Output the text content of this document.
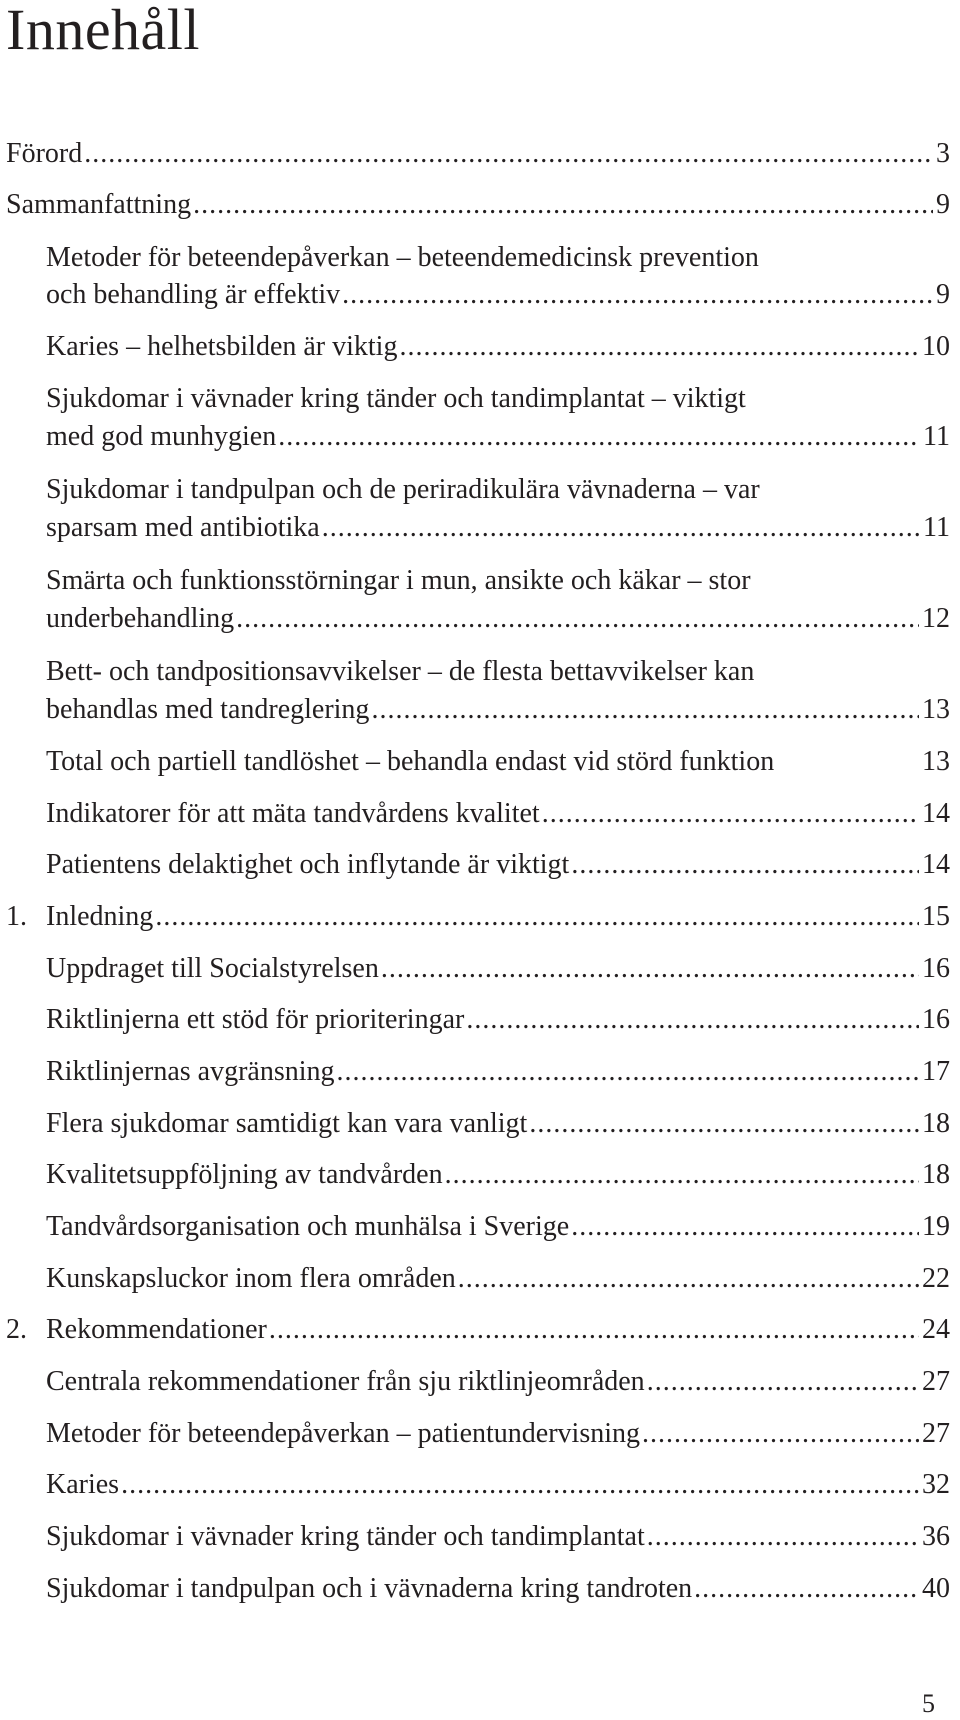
Innehåll
Förord .....	3
Sammanfattning .....	9
Metoder för beteendepåverkan – beteendemedicinsk prevention
och behandling är effektiv .....	9
Karies – helhetsbilden är viktig .....	10
Sjukdomar i vävnader kring tänder och tandimplantat – viktigt
med god munhygien .....	11
Sjukdomar i tandpulpan och de periradikulära vävnaderna – var
sparsam med antibiotika .....	11
Smärta och funktionsstörningar i mun, ansikte och käkar – stor
underbehandling .....	12
Bett- och tandpositionsavvikelser – de flesta bettavvikelser kan
behandlas med tandreglering .....	13
Total och partiell tandlöshet – behandla endast vid störd funktion	13
Indikatorer för att mäta tandvårdens kvalitet .....	14
Patientens delaktighet och inflytande är viktigt .....	14
1. Inledning .....	15
Uppdraget till Socialstyrelsen .....	16
Riktlinjerna ett stöd för prioriteringar .....	16
Riktlinjernas avgränsning .....	17
Flera sjukdomar samtidigt kan vara vanligt .....	18
Kvalitetsuppföljning av tandvården .....	18
Tandvårdsorganisation och munhälsa i Sverige .....	19
Kunskapsluckor inom flera områden .....	22
2. Rekommendationer .....	24
Centrala rekommendationer från sju riktlinjeområden .....	27
Metoder för beteendepåverkan – patientundervisning .....	27
Karies .....	32
Sjukdomar i vävnader kring tänder och tandimplantat .....	36
Sjukdomar i tandpulpan och i vävnaderna kring tandroten .....	40
5
